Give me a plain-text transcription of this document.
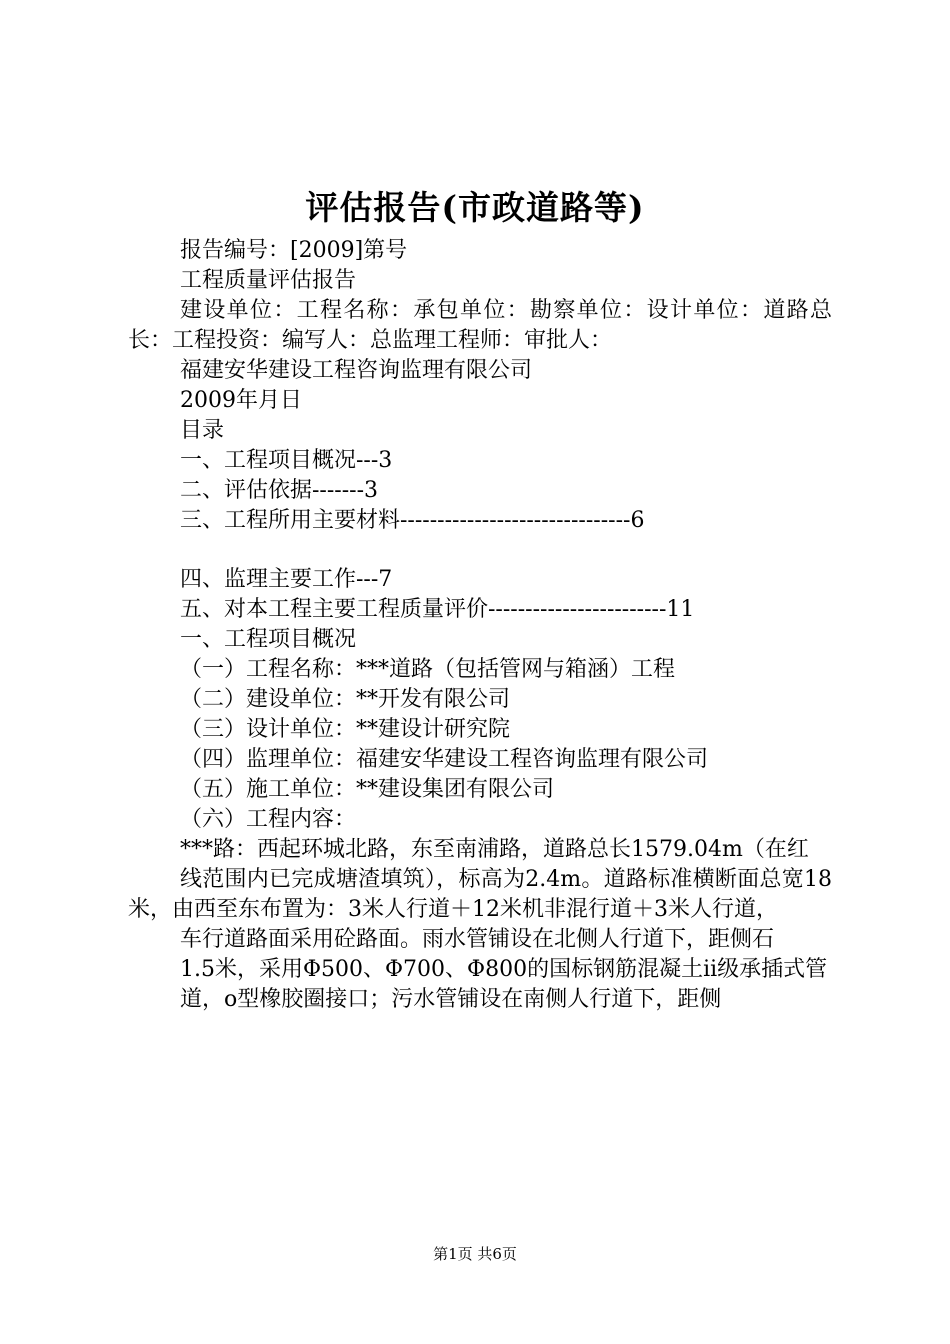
评估报告(市政道路等)

报告编号：[2009]第号

工程质量评估报告

建设单位：工程名称：承包单位：勘察单位：设计单位：道路总长：工程投资：编写人：总监理工程师：审批人：

福建安华建设工程咨询监理有限公司

2009年月日

目录

一、工程项目概况---3

二、评估依据-------3

三、工程所用主要材料-------------------------------6

四、监理主要工作---7

五、对本工程主要工程质量评价------------------------11

一、工程项目概况

（一）工程名称：***道路（包括管网与箱涵）工程

（二）建设单位：**开发有限公司

（三）设计单位：**建设计研究院

（四）监理单位：福建安华建设工程咨询监理有限公司

（五）施工单位：**建设集团有限公司

（六）工程内容：

***路：西起环城北路，东至南浦路，道路总长1579.04m（在红

线范围内已完成塘渣填筑），标高为2.4m。道路标准横断面总宽18米，由西至东布置为：3米人行道＋12米机非混行道＋3米人行道，

车行道路面采用砼路面。雨水管铺设在北侧人行道下，距侧石

1.5米，采用Φ500、Φ700、Φ800的国标钢筋混凝土ii级承插式管

道，o型橡胶圈接口；污水管铺设在南侧人行道下，距侧

第1页 共6页
